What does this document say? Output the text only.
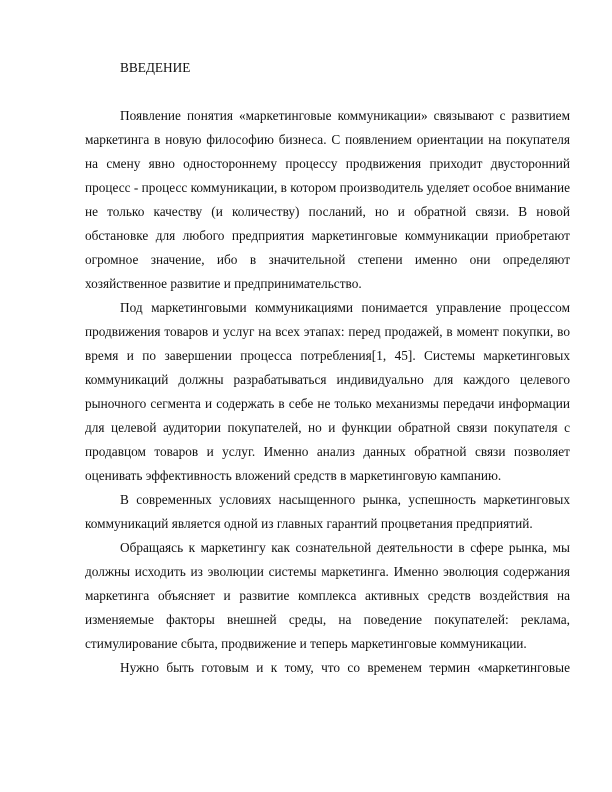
ВВЕДЕНИЕ

Появление понятия «маркетинговые коммуникации» связывают с развитием маркетинга в новую философию бизнеса. С появлением ориентации на покупателя на смену явно одностороннему процессу продвижения приходит двусторонний процесс - процесс коммуникации, в котором производитель уделяет особое внимание не только качеству (и количеству) посланий, но и обратной связи. В новой обстановке для любого предприятия маркетинговые коммуникации приобретают огромное значение, ибо в значительной степени именно они определяют хозяйственное развитие и предпринимательство.

Под маркетинговыми коммуникациями понимается управление процессом продвижения товаров и услуг на всех этапах: перед продажей, в момент покупки, во время и по завершении процесса потребления[1, 45]. Системы маркетинговых коммуникаций должны разрабатываться индивидуально для каждого целевого рыночного сегмента и содержать в себе не только механизмы передачи информации для целевой аудитории покупателей, но и функции обратной связи покупателя с продавцом товаров и услуг. Именно анализ данных обратной связи позволяет оценивать эффективность вложений средств в маркетинговую кампанию.

В современных условиях насыщенного рынка, успешность маркетинговых коммуникаций является одной из главных гарантий процветания предприятий.

Обращаясь к маркетингу как сознательной деятельности в сфере рынка, мы должны исходить из эволюции системы маркетинга. Именно эволюция содержания маркетинга объясняет и развитие комплекса активных средств воздействия на изменяемые факторы внешней среды, на поведение покупателей: реклама, стимулирование сбыта, продвижение и теперь маркетинговые коммуникации.

Нужно быть готовым и к тому, что со временем термин «маркетинговые
